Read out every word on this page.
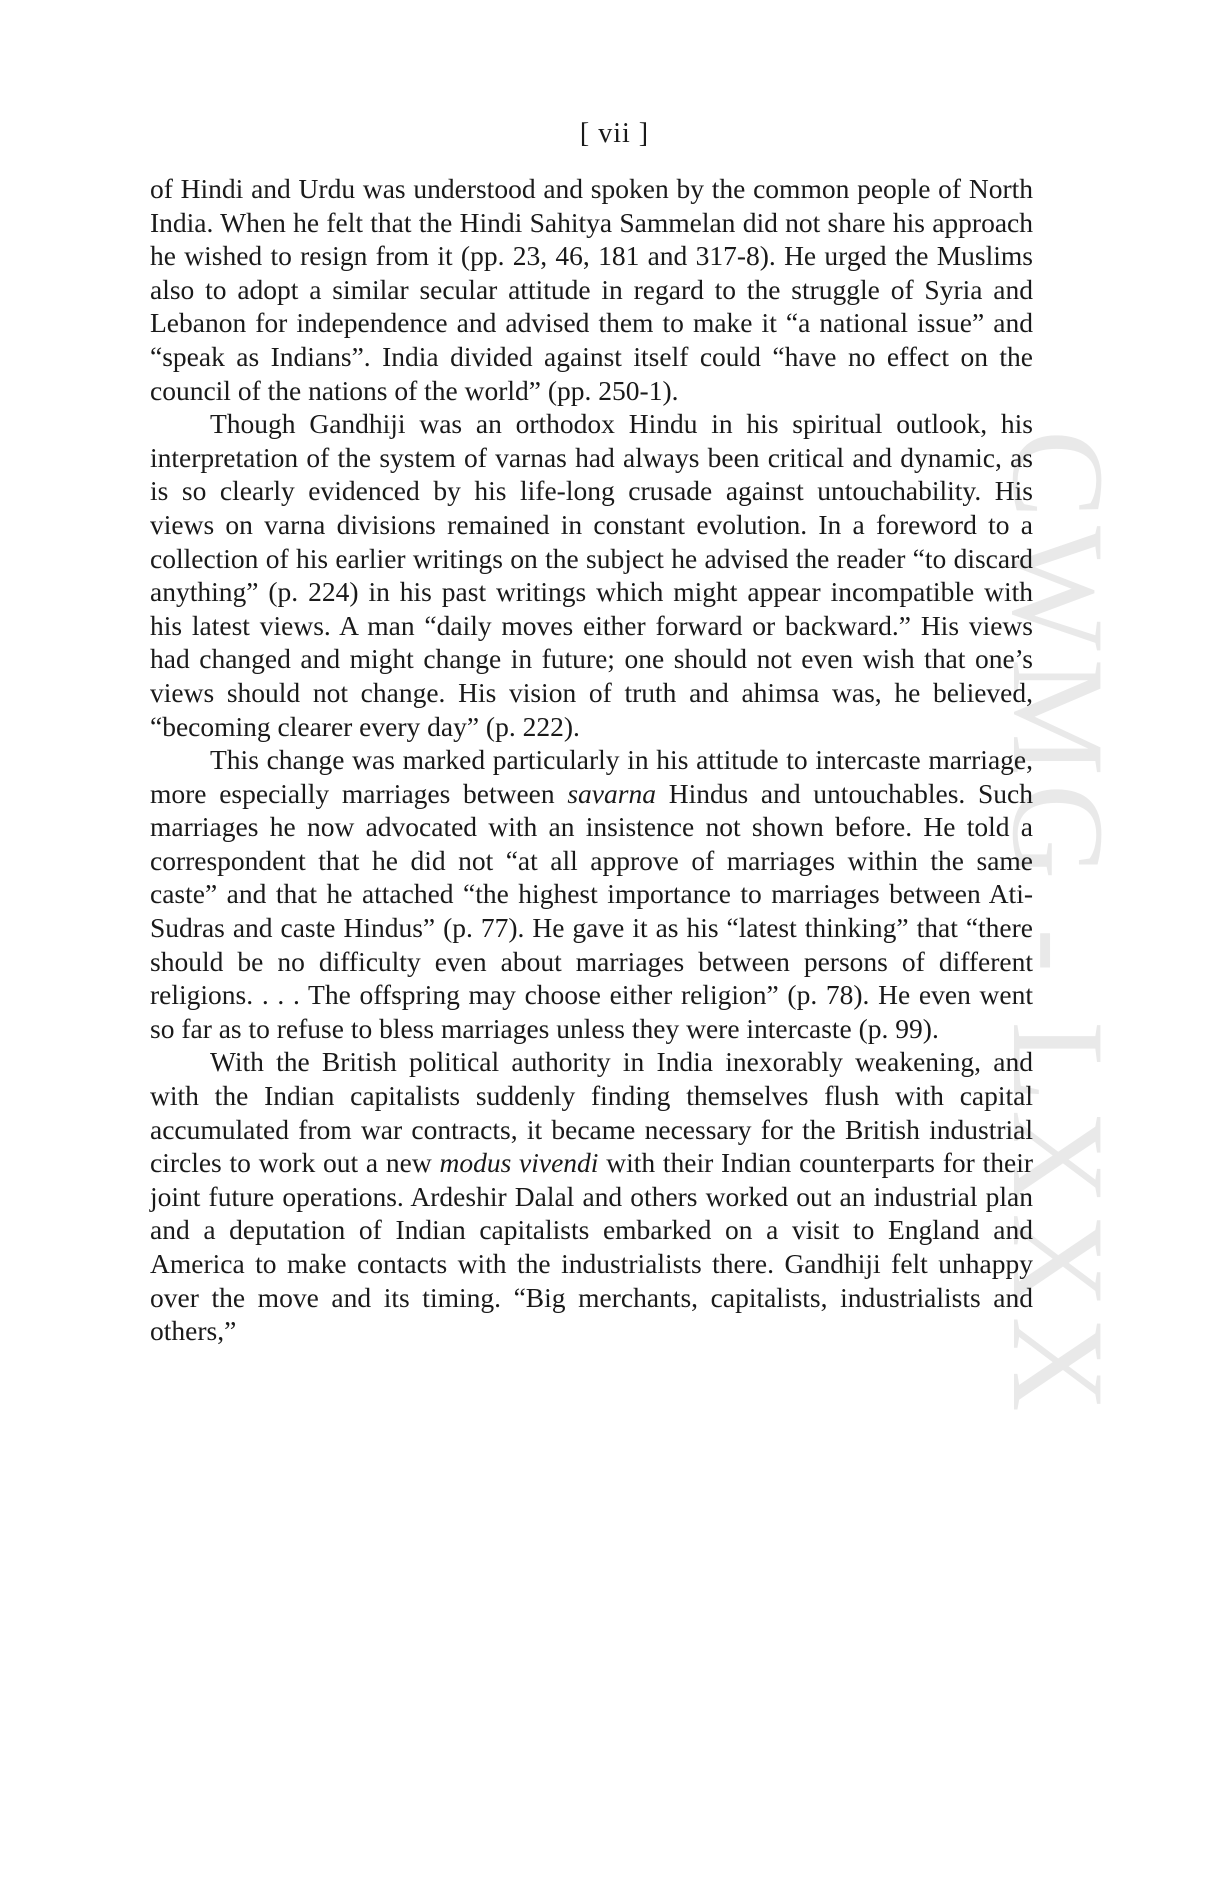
CWMG - LXXX
[ vii ]

of Hindi and Urdu was understood and spoken by the common people of North India. When he felt that the Hindi Sahitya Sammelan did not share his approach he wished to resign from it (pp. 23, 46, 181 and 317-8). He urged the Muslims also to adopt a similar secular attitude in regard to the struggle of Syria and Lebanon for independence and advised them to make it “a national issue” and “speak as Indians”. India divided against itself could “have no effect on the council of the nations of the world” (pp. 250-1).

Though Gandhiji was an orthodox Hindu in his spiritual outlook, his interpretation of the system of varnas had always been critical and dynamic, as is so clearly evidenced by his life-long crusade against untouchability. His views on varna divisions remained in constant evolution. In a foreword to a collection of his earlier writings on the subject he advised the reader “to discard anything” (p. 224) in his past writings which might appear incompatible with his latest views. A man “daily moves either forward or backward.” His views had changed and might change in future; one should not even wish that one’s views should not change. His vision of truth and ahimsa was, he believed, “becoming clearer every day” (p. 222).

This change was marked particularly in his attitude to intercaste marriage, more especially marriages between savarna Hindus and untouchables. Such marriages he now advocated with an insistence not shown before. He told a correspondent that he did not “at all approve of marriages within the same caste” and that he attached “the highest importance to marriages between Ati-Sudras and caste Hindus” (p. 77). He gave it as his “latest thinking” that “there should be no difficulty even about marriages between persons of different religions. . . . The offspring may choose either religion” (p. 78). He even went so far as to refuse to bless marriages unless they were intercaste (p. 99).

With the British political authority in India inexorably weakening, and with the Indian capitalists suddenly finding themselves flush with capital accumulated from war contracts, it became necessary for the British industrial circles to work out a new modus vivendi with their Indian counterparts for their joint future operations. Ardeshir Dalal and others worked out an industrial plan and a deputation of Indian capitalists embarked on a visit to England and America to make contacts with the industrialists there. Gandhiji felt unhappy over the move and its timing. “Big merchants, capitalists, industrialists and others,”
